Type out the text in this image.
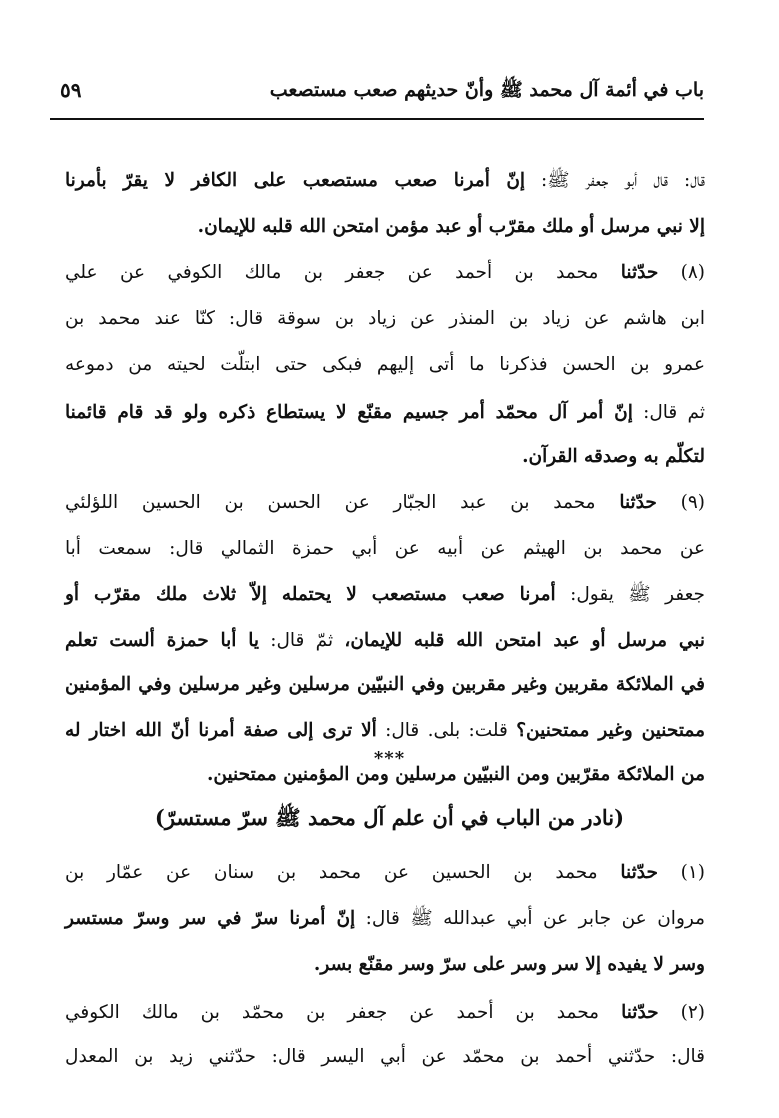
باب في أئمة آل محمد ﷺ وأنّ حديثهم صعب مستصعب
٥٩
قال: قال أبو جعفر ﷺ: إنّ أمرنا صعب مستصعب على الكافر لا يقرّ بأمرنا
إلا نبي مرسل أو ملك مقرّب أو عبد مؤمن امتحن الله قلبه للإيمان.
(٨) حدّثنا محمد بن أحمد عن جعفر بن مالك الكوفي عن علي
ابن هاشم عن زياد بن المنذر عن زياد بن سوقة قال: كنّا عند محمد بن
عمرو بن الحسن فذكرنا ما أتى إليهم فبكى حتى ابتلّت لحيته من دموعه
ثم قال: إنّ أمر آل محمّد أمر جسيم مقنّع لا يستطاع ذكره ولو قد قام قائمنا
لتكلّم به وصدقه القرآن.
(٩) حدّثنا محمد بن عبد الجبّار عن الحسن بن الحسين اللؤلئي
عن محمد بن الهيثم عن أبيه عن أبي حمزة الثمالي قال: سمعت أبا
جعفر ﷺ يقول: أمرنا صعب مستصعب لا يحتمله إلاّ ثلاث ملك مقرّب أو
نبي مرسل أو عبد امتحن الله قلبه للإيمان، ثمّ قال: يا أبا حمزة ألست تعلم
في الملائكة مقربين وغير مقربين وفي النبيّين مرسلين وغير مرسلين وفي المؤمنين
ممتحنين وغير ممتحنين؟ قلت: بلى. قال: ألا ترى إلى صفة أمرنا أنّ الله اختار له
من الملائكة مقرّبين ومن النبيّين مرسلين ومن المؤمنين ممتحنين.
(١) حدّثنا محمد بن الحسين عن محمد بن سنان عن عمّار بن
مروان عن جابر عن أبي عبدالله ﷺ قال: إنّ أمرنا سرّ في سر وسرّ مستسر
وسر لا يفيده إلا سر وسر على سرّ وسر مقنّع بسر.
(٢) حدّثنا محمد بن أحمد عن جعفر بن محمّد بن مالك الكوفي
قال: حدّثني أحمد بن محمّد عن أبي اليسر قال: حدّثني زيد بن المعدل
***
(نادر من الباب في أن علم آل محمد ﷺ سرّ مستسرّ)
